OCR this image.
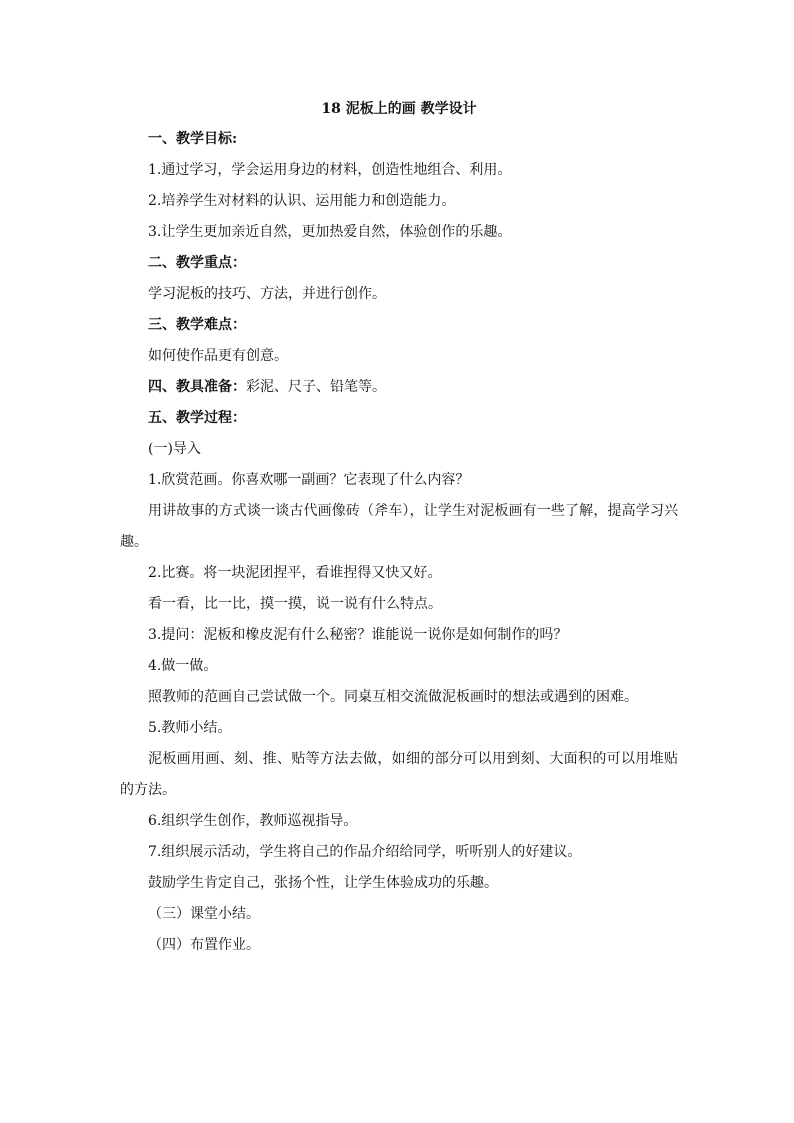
18 泥板上的画 教学设计

一、教学目标:

1.通过学习，学会运用身边的材料，创造性地组合、利用。

2.培养学生对材料的认识、运用能力和创造能力。

3.让学生更加亲近自然，更加热爱自然，体验创作的乐趣。

二、教学重点：

学习泥板的技巧、方法，并进行创作。

三、教学难点：

如何使作品更有创意。

四、教具准备：彩泥、尺子、铅笔等。

五、教学过程：

(一)导入

1.欣赏范画。你喜欢哪一副画？它表现了什么内容？

用讲故事的方式谈一谈古代画像砖（斧车），让学生对泥板画有一些了解，提高学习兴趣。

2.比赛。将一块泥团捏平，看谁捏得又快又好。

看一看，比一比，摸一摸，说一说有什么特点。

3.提问：泥板和橡皮泥有什么秘密？谁能说一说你是如何制作的吗？

4.做一做。

照教师的范画自己尝试做一个。同桌互相交流做泥板画时的想法或遇到的困难。

5.教师小结。

泥板画用画、刻、推、贴等方法去做，如细的部分可以用到刻、大面积的可以用堆贴的方法。

6.组织学生创作，教师巡视指导。

7.组织展示活动，学生将自己的作品介绍给同学，听听别人的好建议。

鼓励学生肯定自己，张扬个性，让学生体验成功的乐趣。

（三）课堂小结。

（四）布置作业。
